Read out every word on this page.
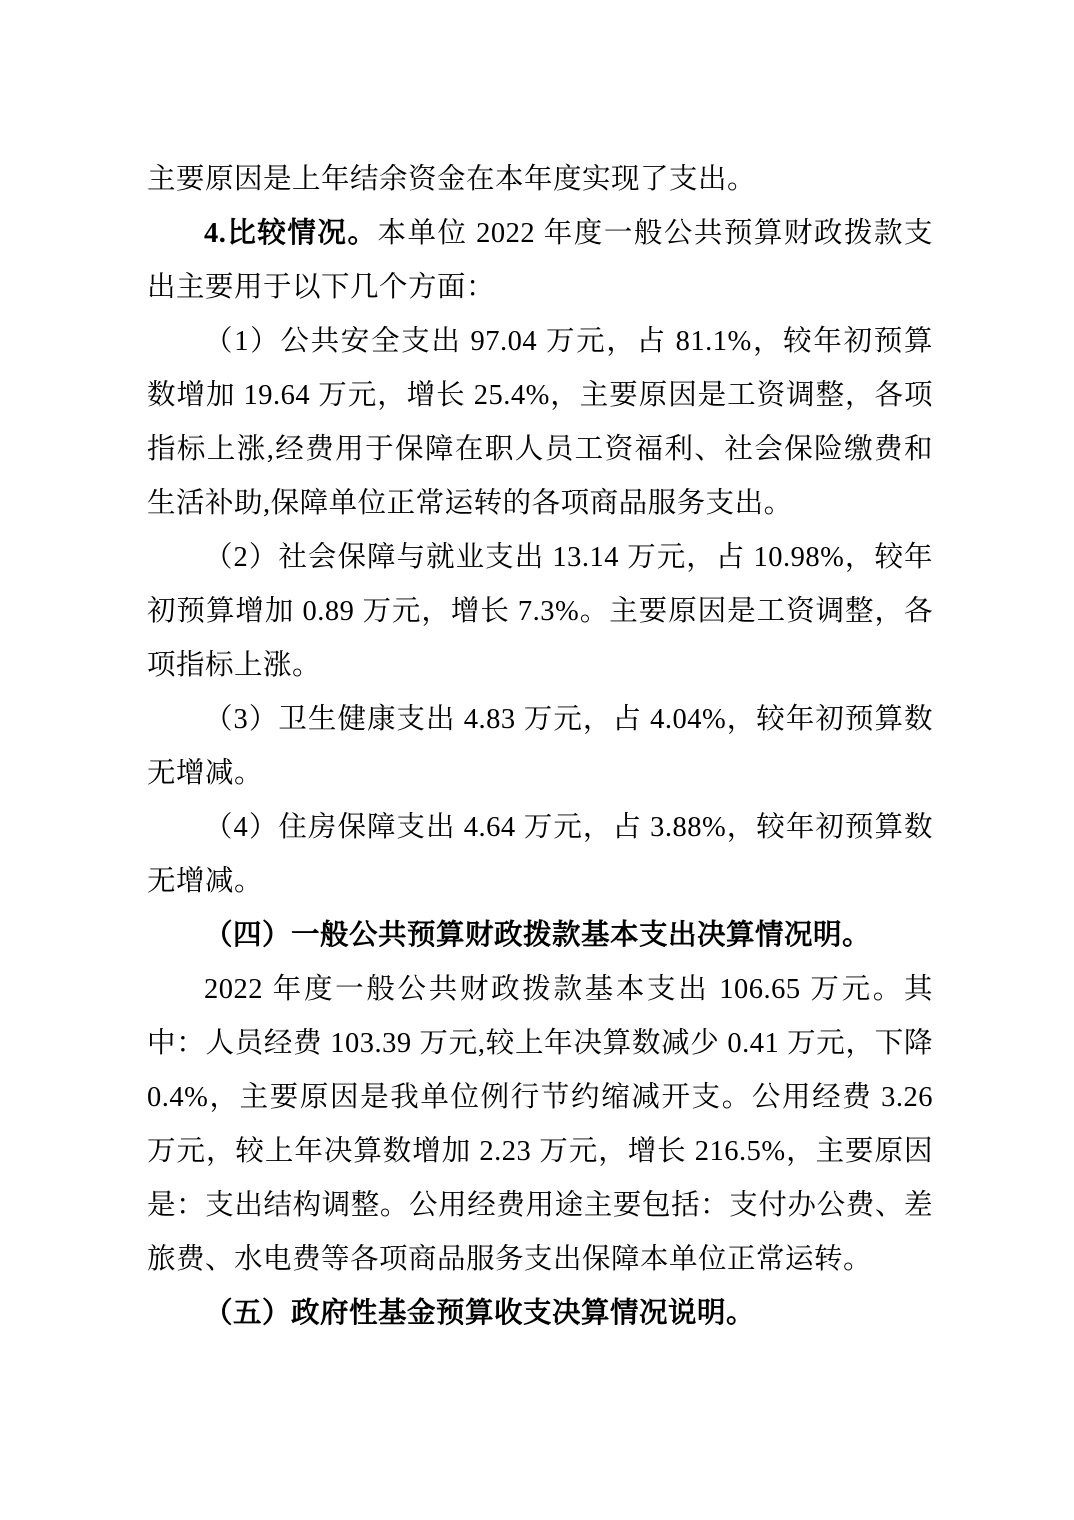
主要原因是上年结余资金在本年度实现了支出。

4.比较情况。本单位 2022 年度一般公共预算财政拨款支出主要用于以下几个方面：

（1）公共安全支出 97.04 万元，占 81.1%，较年初预算数增加 19.64 万元，增长 25.4%，主要原因是工资调整，各项指标上涨,经费用于保障在职人员工资福利、社会保险缴费和生活补助,保障单位正常运转的各项商品服务支出。

（2）社会保障与就业支出 13.14 万元，占 10.98%，较年初预算增加 0.89 万元，增长 7.3%。主要原因是工资调整，各项指标上涨。

（3）卫生健康支出 4.83 万元，占 4.04%，较年初预算数无增减。

（4）住房保障支出 4.64 万元，占 3.88%，较年初预算数无增减。

（四）一般公共预算财政拨款基本支出决算情况明。

2022 年度一般公共财政拨款基本支出 106.65 万元。其中：人员经费 103.39 万元,较上年决算数减少 0.41 万元，下降 0.4%，主要原因是我单位例行节约缩减开支。公用经费 3.26 万元，较上年决算数增加 2.23 万元，增长 216.5%，主要原因是：支出结构调整。公用经费用途主要包括：支付办公费、差旅费、水电费等各项商品服务支出保障本单位正常运转。

（五）政府性基金预算收支决算情况说明。
